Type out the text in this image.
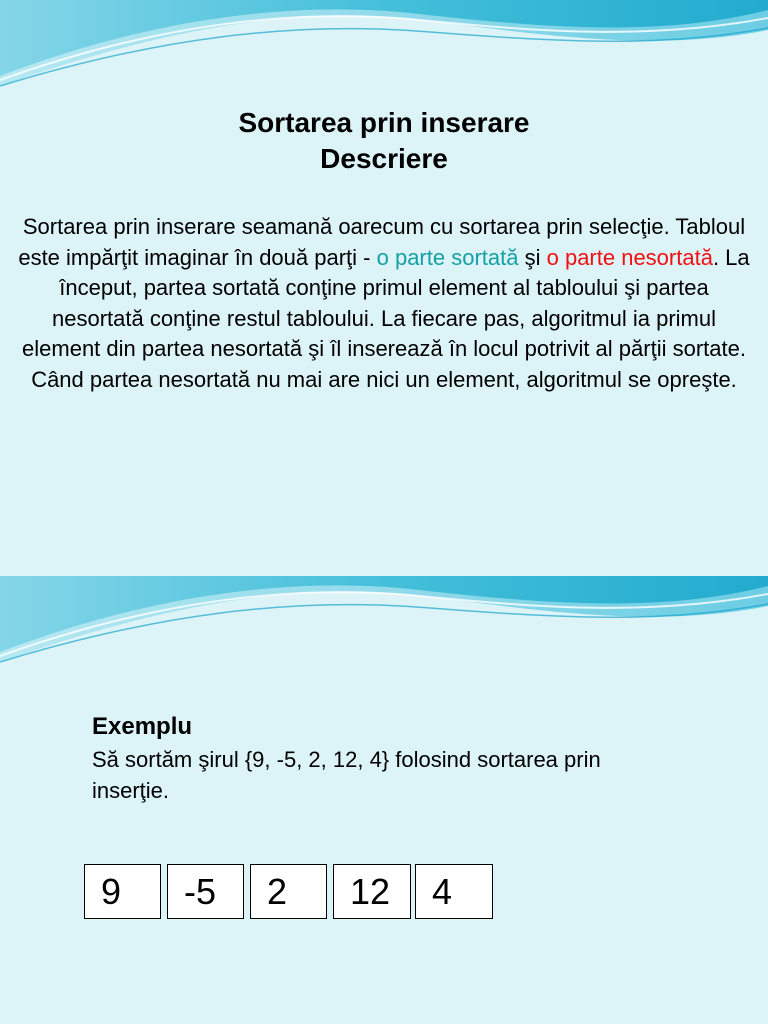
Sortarea prin inserare
Descriere
Sortarea prin inserare seamană oarecum cu sortarea prin selecţie. Tabloul este impărţit imaginar în două parţi - o parte sortată şi o parte nesortată. La început, partea sortată conţine primul element al tabloului şi partea nesortată conţine restul tabloului. La fiecare pas, algoritmul ia primul element din partea nesortată şi îl inserează în locul potrivit al părţii sortate. Când partea nesortată nu mai are nici un element, algoritmul se opreşte.
Exemplu
Să sortăm şirul {9, -5, 2, 12, 4} folosind sortarea prin inserţie.
9 -5 2 12 4
